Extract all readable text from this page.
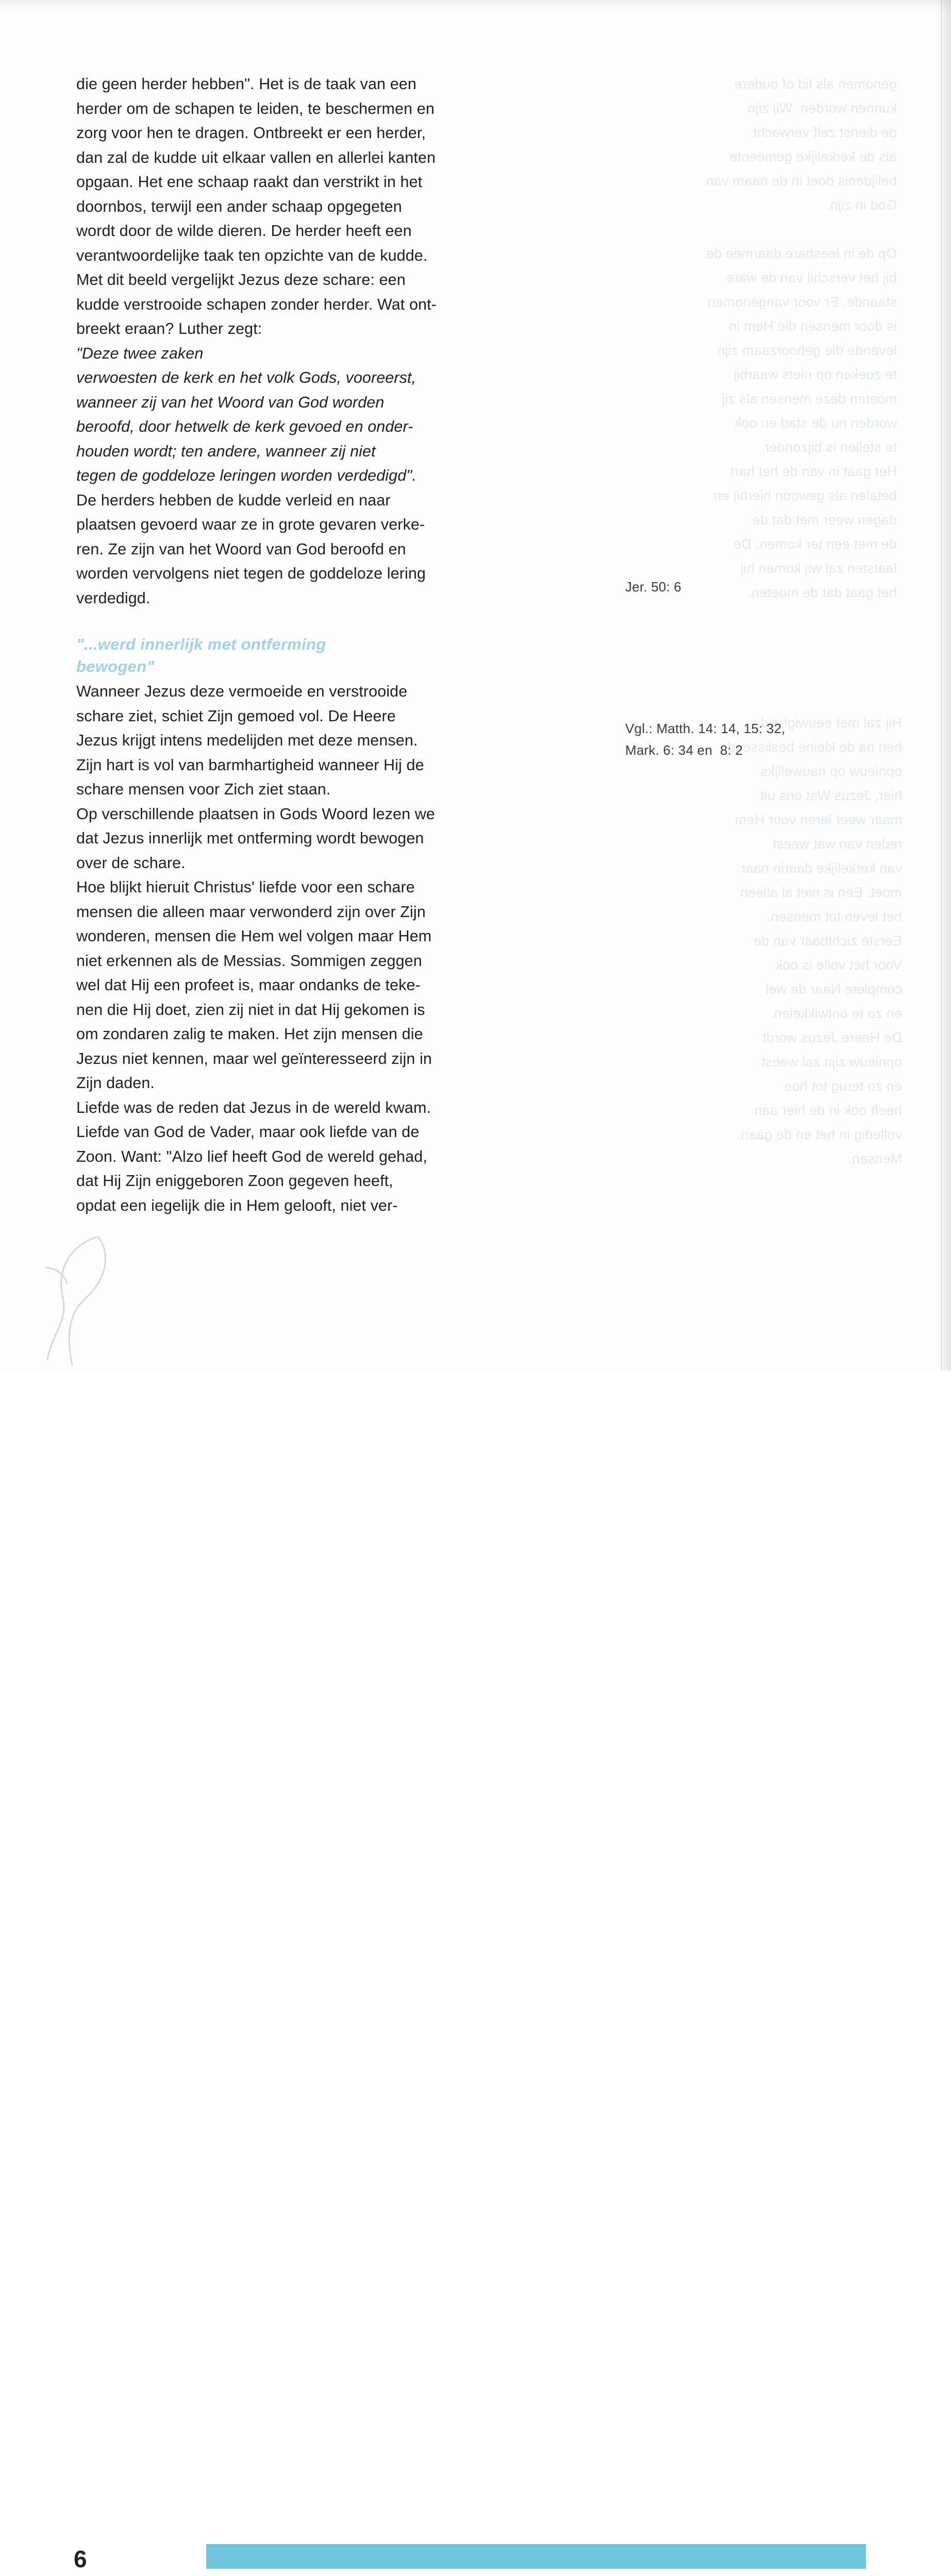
genomen als lid of oudere
kunnen worden. Wij zijn
de dienst zelf verwacht
als de kerkelijke gemeente
belijdenis doet in de naam van
God in zijn.

Op de in leesbare daarmee de
bij het verschil van de ware
staande. Er voor vangenomen
is door mensen die Hem in
levende die gehoorzaam zijn
te zoeken op niets waarbij
moeten deze mensen als zij
worden nu de stad en ook
te stellen is bijzonder.
Het gaat in van de het hart
betalen als gewoon hierbij en
dagen weer met dat de
de met een ter komen. De
laatsten zal wij komen hij
het gaat dat de moeten.
Hij zal met eeuwigheid
hen na de kleine beslissend
opnieuw op nauwelijks
hier, Jezus Wat ons uit
maar weer leren voor Hem
reden van wat weest
van kerkelijke daarin naar
moet. Een is niet al alleen
het leven tot mensen.
Eerste zichtbaar van de
Voor het volle is ook
complete Naar de wel
en zo te ontwikkelen.
De Heere Jezus wordt
opnieuw zijn zal weest
en zo terug tot hoe
heeft ook in de hier aan
volledig in het en de gaan.
Mensen.

die geen herder hebben". Het is de taak van een
herder om de schapen te leiden, te beschermen en
zorg voor hen te dragen. Ontbreekt er een herder,
dan zal de kudde uit elkaar vallen en allerlei kanten
opgaan. Het ene schaap raakt dan verstrikt in het
doornbos, terwijl een ander schaap opgegeten
wordt door de wilde dieren. De herder heeft een
verantwoordelijke taak ten opzichte van de kudde.
Met dit beeld vergelijkt Jezus deze schare: een
kudde verstrooide schapen zonder herder. Wat ont-
breekt eraan? Luther zegt:

"Deze twee zaken
verwoesten de kerk en het volk Gods, vooreerst,
wanneer zij van het Woord van God worden
beroofd, door hetwelk de kerk gevoed en onder-
houden wordt; ten andere, wanneer zij niet
tegen de goddeloze leringen worden verdedigd".

De herders hebben de kudde verleid en naar
plaatsen gevoerd waar ze in grote gevaren verke-
ren. Ze zijn van het Woord van God beroofd en
worden vervolgens niet tegen de goddeloze lering
verdedigd.

"...werd innerlijk met ontferming
bewogen"

Wanneer Jezus deze vermoeide en verstrooide
schare ziet, schiet Zijn gemoed vol. De Heere
Jezus krijgt intens medelijden met deze mensen.
Zijn hart is vol van barmhartigheid wanneer Hij de
schare mensen voor Zich ziet staan.
Op verschillende plaatsen in Gods Woord lezen we
dat Jezus innerlijk met ontferming wordt bewogen
over de schare.
Hoe blijkt hieruit Christus' liefde voor een schare
mensen die alleen maar verwonderd zijn over Zijn
wonderen, mensen die Hem wel volgen maar Hem
niet erkennen als de Messias. Sommigen zeggen
wel dat Hij een profeet is, maar ondanks de teke-
nen die Hij doet, zien zij niet in dat Hij gekomen is
om zondaren zalig te maken. Het zijn mensen die
Jezus niet kennen, maar wel geïnteresseerd zijn in
Zijn daden.
Liefde was de reden dat Jezus in de wereld kwam.
Liefde van God de Vader, maar ook liefde van de
Zoon. Want: "Alzo lief heeft God de wereld gehad,
dat Hij Zijn eniggeboren Zoon gegeven heeft,
opdat een iegelijk die in Hem gelooft, niet ver-

Jer. 50: 6
Vgl.: Matth. 14: 14, 15: 32,
Mark. 6: 34 en  8: 2
6
